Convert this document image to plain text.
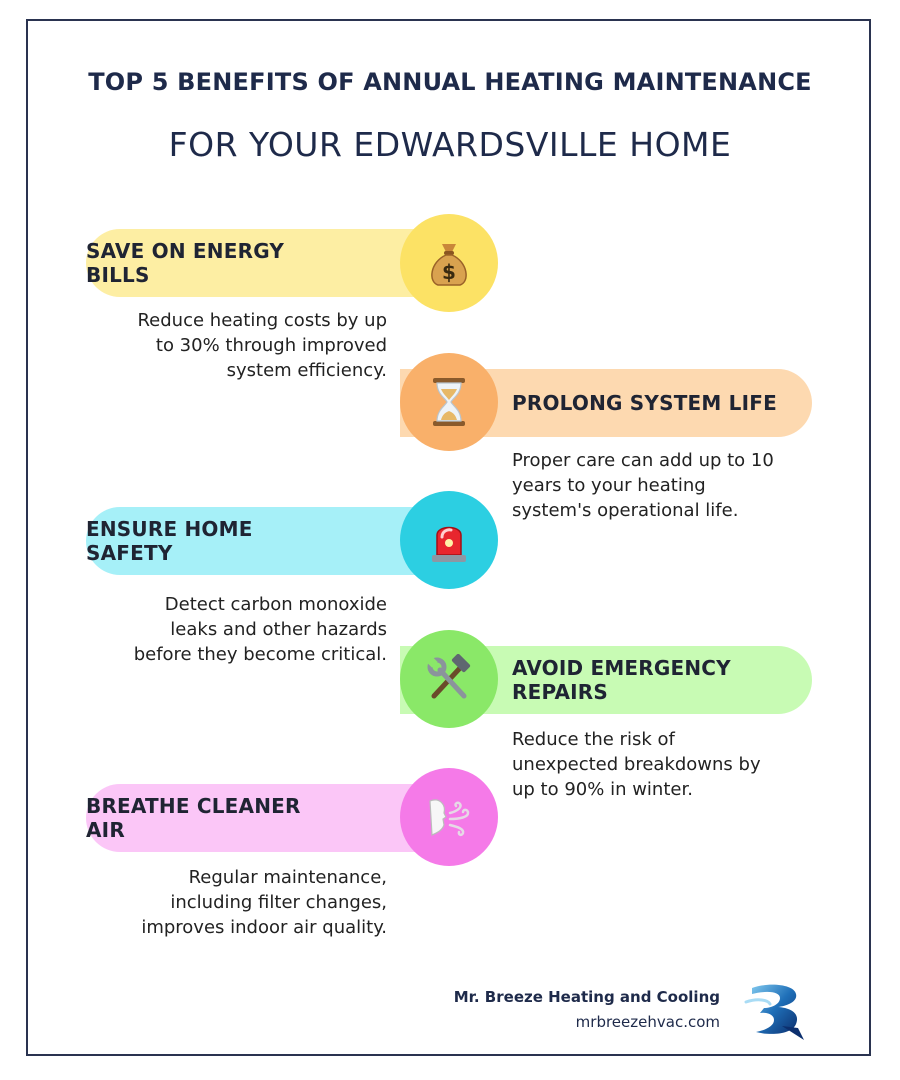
TOP 5 BENEFITS OF ANNUAL HEATING MAINTENANCE
FOR YOUR EDWARDSVILLE HOME
SAVE ON ENERGY BILLS	$
Reduce heating costs by up
to 30% through improved
system efficiency.
PROLONG SYSTEM LIFE
Proper care can add up to 10
years to your heating
system's operational life.
ENSURE HOME SAFETY
Detect carbon monoxide
leaks and other hazards
before they become critical.
AVOID EMERGENCY REPAIRS
Reduce the risk of
unexpected breakdowns by
up to 90% in winter.
BREATHE CLEANER AIR
Regular maintenance,
including filter changes,
improves indoor air quality.
Mr. Breeze Heating and Cooling
mrbreezehvac.com
